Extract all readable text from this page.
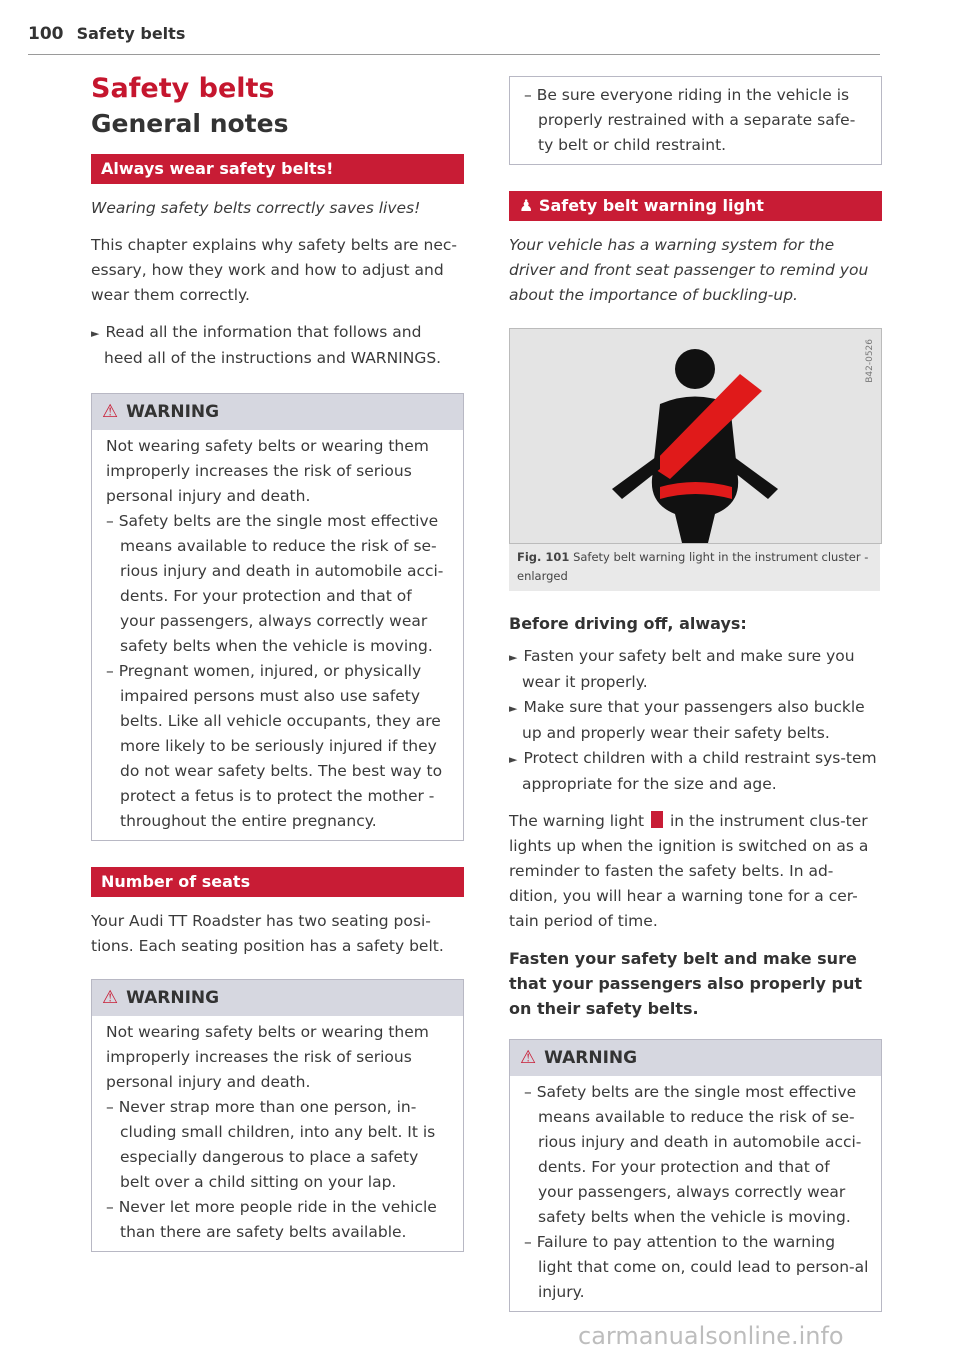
100 Safety belts
Safety belts
General notes
Always wear safety belts!

Wearing safety belts correctly saves lives!

This chapter explains why safety belts are nec-essary, how they work and how to adjust and wear them correctly.

► Read all the information that follows and heed all of the instructions and WARNINGS.

⚠ WARNING

Not wearing safety belts or wearing them improperly increases the risk of serious personal injury and death.

– Safety belts are the single most effective means available to reduce the risk of se-rious injury and death in automobile acci-dents. For your protection and that of your passengers, always correctly wear safety belts when the vehicle is moving.

– Pregnant women, injured, or physically impaired persons must also use safety belts. Like all vehicle occupants, they are more likely to be seriously injured if they do not wear safety belts. The best way to protect a fetus is to protect the mother - throughout the entire pregnancy.

Number of seats

Your Audi TT Roadster has two seating posi-tions. Each seating position has a safety belt.

⚠ WARNING

Not wearing safety belts or wearing them improperly increases the risk of serious personal injury and death.

– Never strap more than one person, in-cluding small children, into any belt. It is especially dangerous to place a safety belt over a child sitting on your lap.

– Never let more people ride in the vehicle than there are safety belts available.

– Be sure everyone riding in the vehicle is properly restrained with a separate safe-ty belt or child restraint.

♟ Safety belt warning light

Your vehicle has a warning system for the driver and front seat passenger to remind you about the importance of buckling-up.

B42-0526
Fig. 101 Safety belt warning light in the instrument cluster - enlarged

Before driving off, always:

► Fasten your safety belt and make sure you wear it properly.

► Make sure that your passengers also buckle up and properly wear their safety belts.

► Protect children with a child restraint sys-tem appropriate for the size and age.

The warning light in the instrument clus-ter lights up when the ignition is switched on as a reminder to fasten the safety belts. In ad-dition, you will hear a warning tone for a cer-tain period of time.

Fasten your safety belt and make sure that your passengers also properly put on their safety belts.

⚠ WARNING

– Safety belts are the single most effective means available to reduce the risk of se-rious injury and death in automobile acci-dents. For your protection and that of your passengers, always correctly wear safety belts when the vehicle is moving.

– Failure to pay attention to the warning light that come on, could lead to person-al injury.

carmanualsonline.info
